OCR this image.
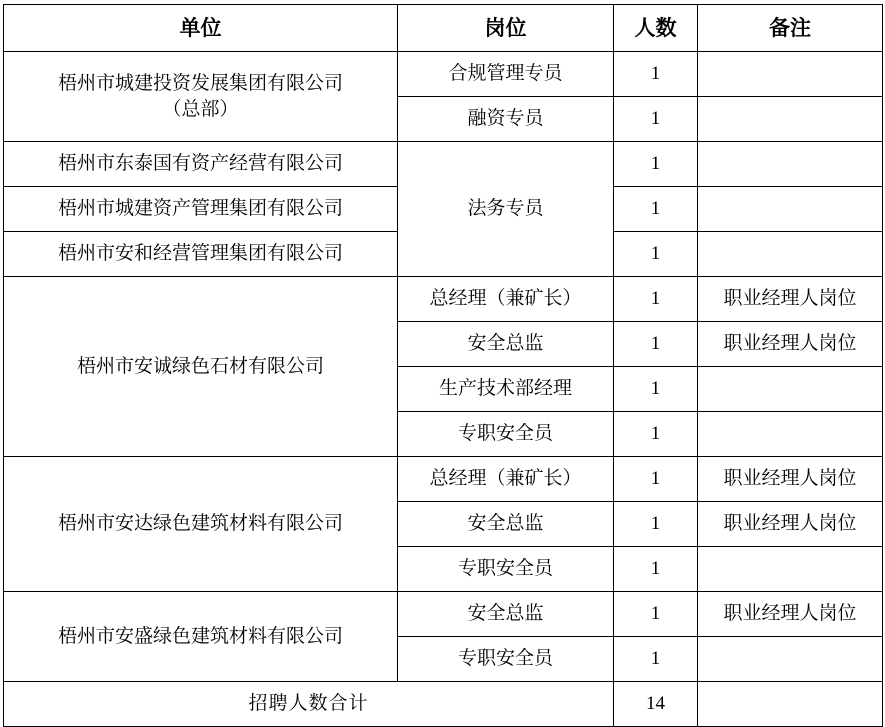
单位	岗位	人数	备注
梧州市城建投资发展集团有限公司
（总部）	合规管理专员	1	
	融资专员	1	
梧州市东泰国有资产经营有限公司	法务专员	1	
梧州市城建资产管理集团有限公司		1	
梧州市安和经营管理集团有限公司		1	
梧州市安诚绿色石材有限公司	总经理（兼矿长）	1	职业经理人岗位
	安全总监	1	职业经理人岗位
	生产技术部经理	1	
	专职安全员	1	
梧州市安达绿色建筑材料有限公司	总经理（兼矿长）	1	职业经理人岗位
	安全总监	1	职业经理人岗位
	专职安全员	1	
梧州市安盛绿色建筑材料有限公司	安全总监	1	职业经理人岗位
	专职安全员	1	
招聘人数合计		14	
